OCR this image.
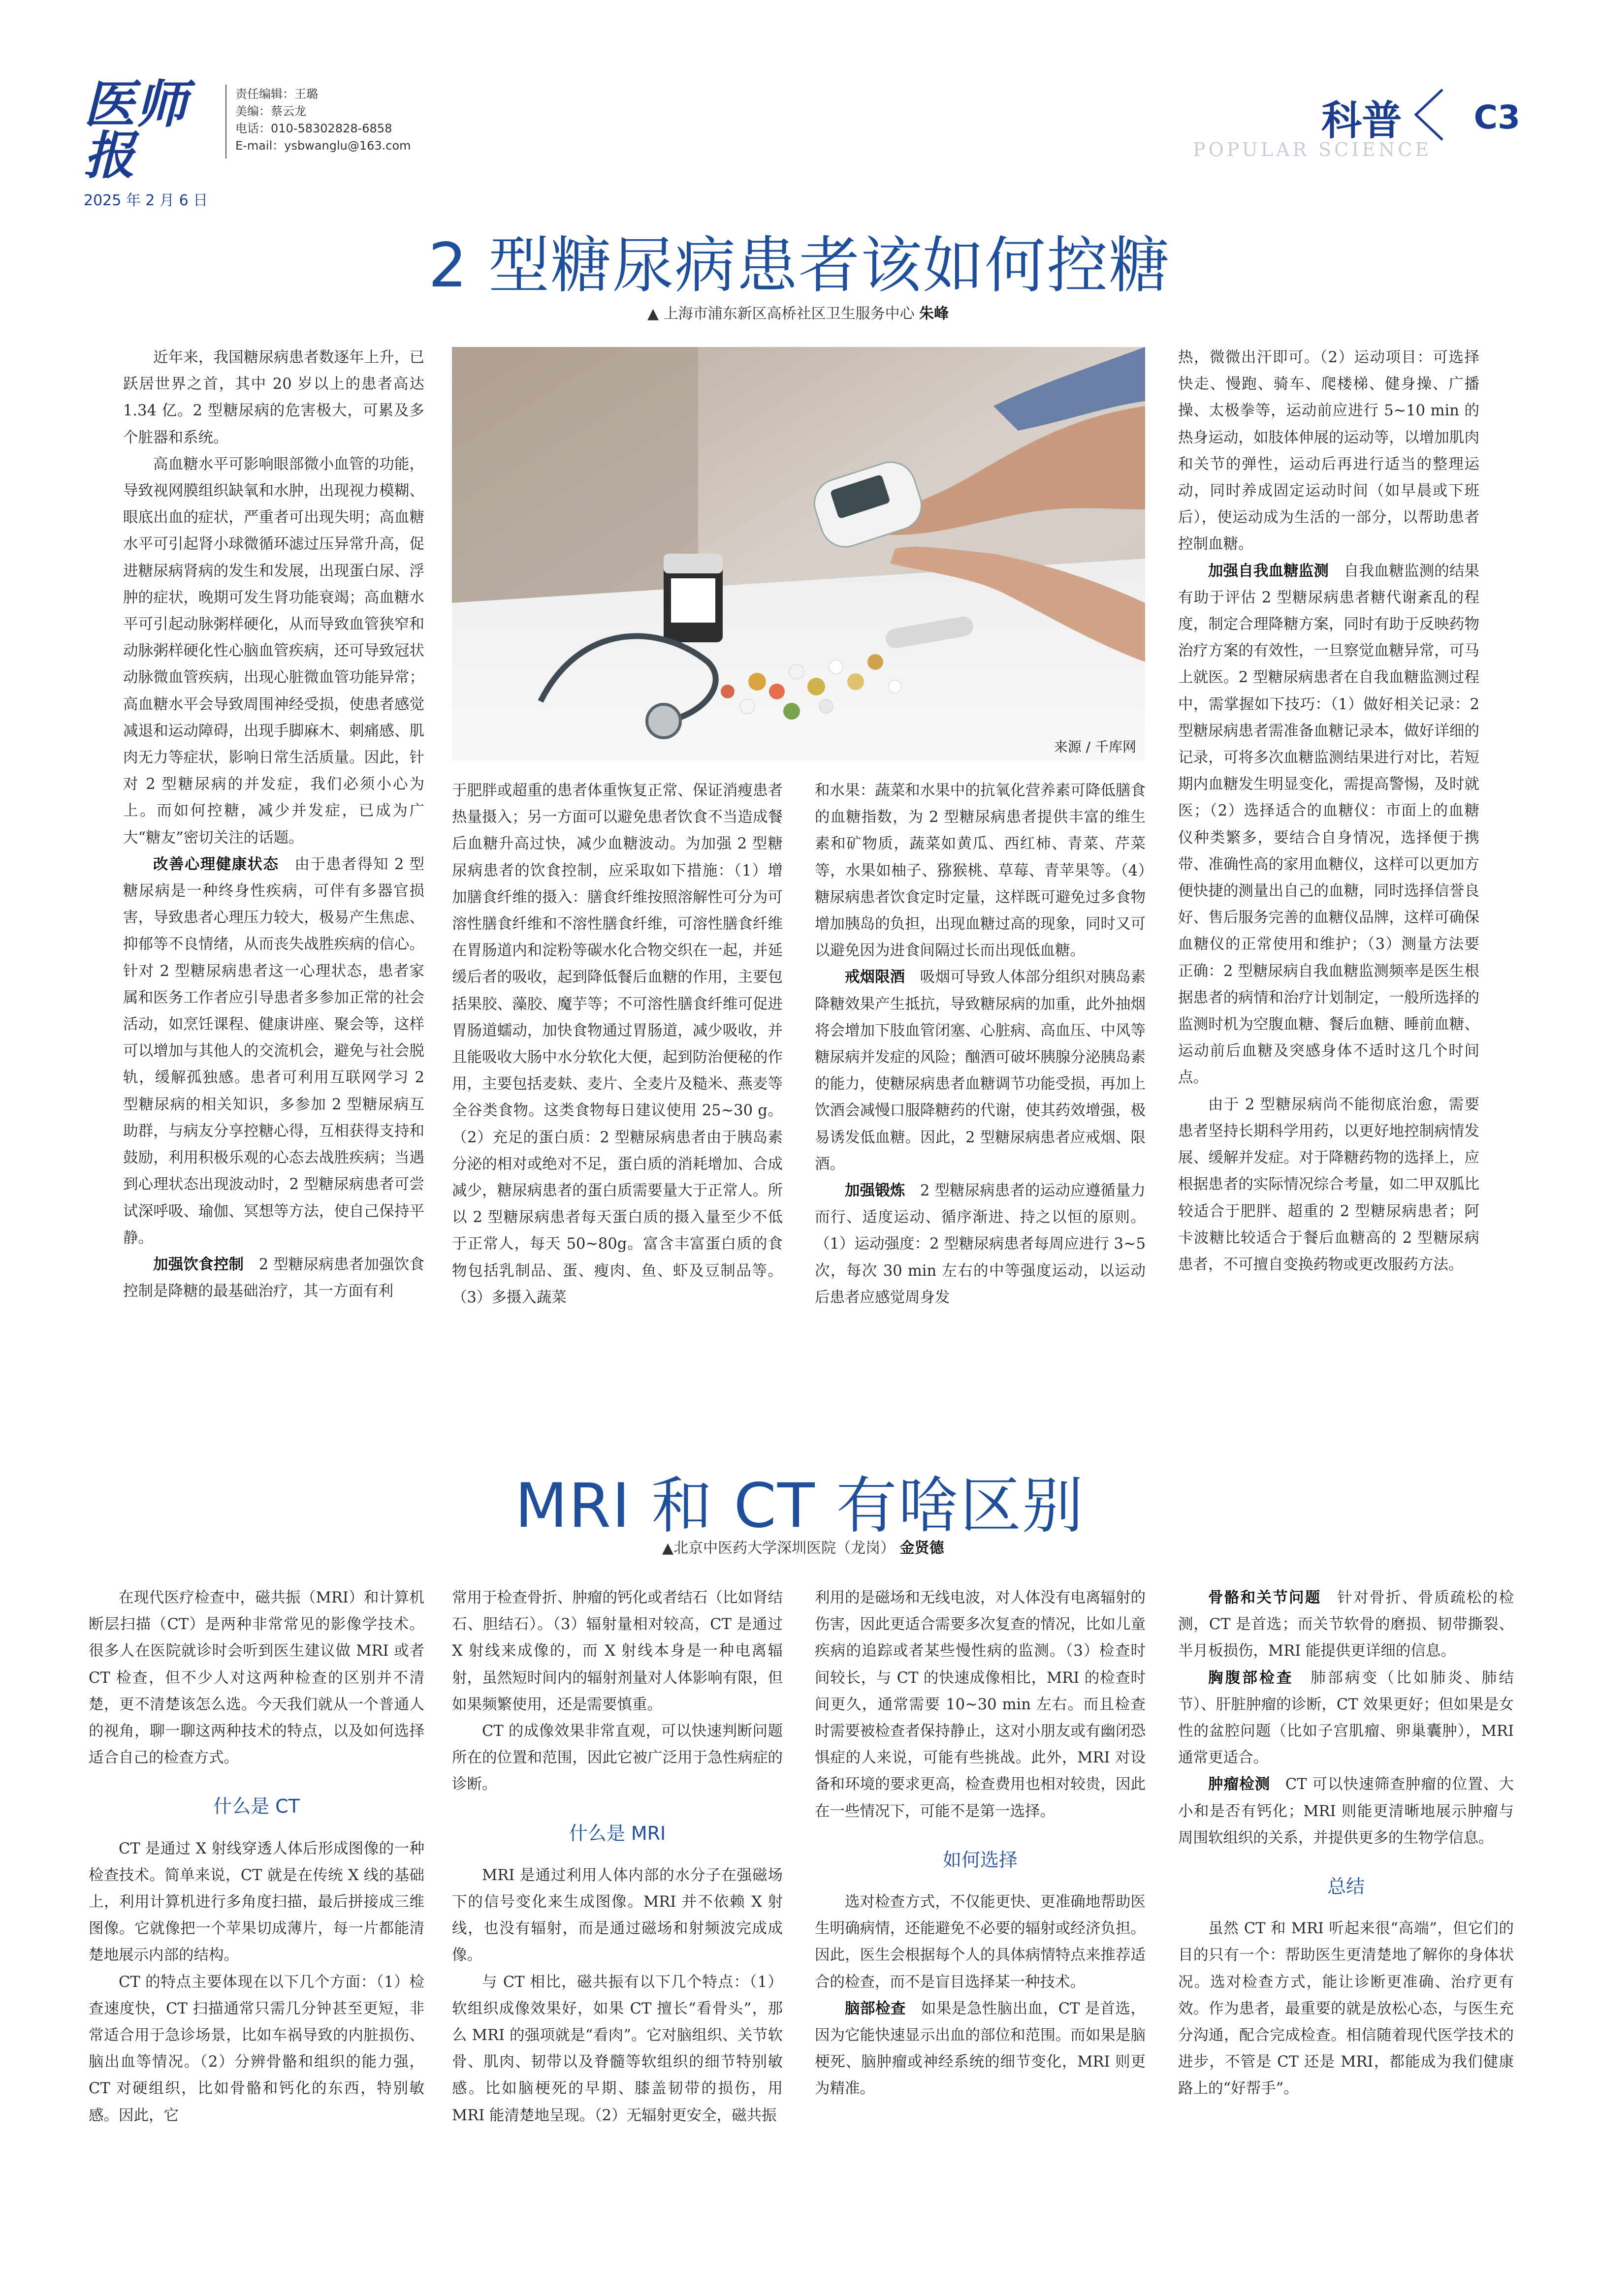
医师报
2025 年 2 月 6 日
责任编辑：王璐
美编：蔡云龙
电话：010-58302828-6858
E-mail：ysbwanglu@163.com
科普
POPULAR SCIENCE
C3
2 型糖尿病患者该如何控糖
▲ 上海市浦东新区高桥社区卫生服务中心 朱峰

近年来，我国糖尿病患者数逐年上升，已跃居世界之首，其中 20 岁以上的患者高达 1.34 亿。2 型糖尿病的危害极大，可累及多个脏器和系统。

高血糖水平可影响眼部微小血管的功能，导致视网膜组织缺氧和水肿，出现视力模糊、眼底出血的症状，严重者可出现失明；高血糖水平可引起肾小球微循环滤过压异常升高，促进糖尿病肾病的发生和发展，出现蛋白尿、浮肿的症状，晚期可发生肾功能衰竭；高血糖水平可引起动脉粥样硬化，从而导致血管狭窄和动脉粥样硬化性心脑血管疾病，还可导致冠状动脉微血管疾病，出现心脏微血管功能异常；高血糖水平会导致周围神经受损，使患者感觉减退和运动障碍，出现手脚麻木、刺痛感、肌肉无力等症状，影响日常生活质量。因此，针对 2 型糖尿病的并发症，我们必须小心为上。而如何控糖，减少并发症，已成为广大“糖友”密切关注的话题。

改善心理健康状态  由于患者得知 2 型糖尿病是一种终身性疾病，可伴有多器官损害，导致患者心理压力较大，极易产生焦虑、抑郁等不良情绪，从而丧失战胜疾病的信心。针对 2 型糖尿病患者这一心理状态，患者家属和医务工作者应引导患者多参加正常的社会活动，如烹饪课程、健康讲座、聚会等，这样可以增加与其他人的交流机会，避免与社会脱轨，缓解孤独感。患者可利用互联网学习 2 型糖尿病的相关知识，多参加 2 型糖尿病互助群，与病友分享控糖心得，互相获得支持和鼓励，利用积极乐观的心态去战胜疾病；当遇到心理状态出现波动时，2 型糖尿病患者可尝试深呼吸、瑜伽、冥想等方法，使自己保持平静。

加强饮食控制  2 型糖尿病患者加强饮食控制是降糖的最基础治疗，其一方面有利

来源 / 千库网

于肥胖或超重的患者体重恢复正常、保证消瘦患者热量摄入；另一方面可以避免患者饮食不当造成餐后血糖升高过快，减少血糖波动。为加强 2 型糖尿病患者的饮食控制，应采取如下措施：（1）增加膳食纤维的摄入：膳食纤维按照溶解性可分为可溶性膳食纤维和不溶性膳食纤维，可溶性膳食纤维在胃肠道内和淀粉等碳水化合物交织在一起，并延缓后者的吸收，起到降低餐后血糖的作用，主要包括果胶、藻胶、魔芋等；不可溶性膳食纤维可促进胃肠道蠕动，加快食物通过胃肠道，减少吸收，并且能吸收大肠中水分软化大便，起到防治便秘的作用，主要包括麦麸、麦片、全麦片及糙米、燕麦等全谷类食物。这类食物每日建议使用 25~30 g。（2）充足的蛋白质：2 型糖尿病患者由于胰岛素分泌的相对或绝对不足，蛋白质的消耗增加、合成减少，糖尿病患者的蛋白质需要量大于正常人。所以 2 型糖尿病患者每天蛋白质的摄入量至少不低于正常人，每天 50~80g。富含丰富蛋白质的食物包括乳制品、蛋、瘦肉、鱼、虾及豆制品等。（3）多摄入蔬菜

和水果：蔬菜和水果中的抗氧化营养素可降低膳食的血糖指数，为 2 型糖尿病患者提供丰富的维生素和矿物质，蔬菜如黄瓜、西红柿、青菜、芹菜等，水果如柚子、猕猴桃、草莓、青苹果等。（4）糖尿病患者饮食定时定量，这样既可避免过多食物增加胰岛的负担，出现血糖过高的现象，同时又可以避免因为进食间隔过长而出现低血糖。

戒烟限酒  吸烟可导致人体部分组织对胰岛素降糖效果产生抵抗，导致糖尿病的加重，此外抽烟将会增加下肢血管闭塞、心脏病、高血压、中风等糖尿病并发症的风险；酗酒可破坏胰腺分泌胰岛素的能力，使糖尿病患者血糖调节功能受损，再加上饮酒会减慢口服降糖药的代谢，使其药效增强，极易诱发低血糖。因此，2 型糖尿病患者应戒烟、限酒。

加强锻炼  2 型糖尿病患者的运动应遵循量力而行、适度运动、循序渐进、持之以恒的原则。（1）运动强度：2 型糖尿病患者每周应进行 3~5 次，每次 30 min 左右的中等强度运动，以运动后患者应感觉周身发

热，微微出汗即可。（2）运动项目：可选择快走、慢跑、骑车、爬楼梯、健身操、广播操、太极拳等，运动前应进行 5~10 min 的热身运动，如肢体伸展的运动等，以增加肌肉和关节的弹性，运动后再进行适当的整理运动，同时养成固定运动时间（如早晨或下班后），使运动成为生活的一部分，以帮助患者控制血糖。

加强自我血糖监测  自我血糖监测的结果有助于评估 2 型糖尿病患者糖代谢紊乱的程度，制定合理降糖方案，同时有助于反映药物治疗方案的有效性，一旦察觉血糖异常，可马上就医。2 型糖尿病患者在自我血糖监测过程中，需掌握如下技巧：（1）做好相关记录：2 型糖尿病患者需准备血糖记录本，做好详细的记录，可将多次血糖监测结果进行对比，若短期内血糖发生明显变化，需提高警惕，及时就医；（2）选择适合的血糖仪：市面上的血糖仪种类繁多，要结合自身情况，选择便于携带、准确性高的家用血糖仪，这样可以更加方便快捷的测量出自己的血糖，同时选择信誉良好、售后服务完善的血糖仪品牌，这样可确保血糖仪的正常使用和维护；（3）测量方法要正确：2 型糖尿病自我血糖监测频率是医生根据患者的病情和治疗计划制定，一般所选择的监测时机为空腹血糖、餐后血糖、睡前血糖、运动前后血糖及突感身体不适时这几个时间点。

由于 2 型糖尿病尚不能彻底治愈，需要患者坚持长期科学用药，以更好地控制病情发展、缓解并发症。对于降糖药物的选择上，应根据患者的实际情况综合考量，如二甲双胍比较适合于肥胖、超重的 2 型糖尿病患者；阿卡波糖比较适合于餐后血糖高的 2 型糖尿病患者，不可擅自变换药物或更改服药方法。

MRI 和 CT 有啥区别
▲北京中医药大学深圳医院（龙岗） 金贤德

在现代医疗检查中，磁共振（MRI）和计算机断层扫描（CT）是两种非常常见的影像学技术。很多人在医院就诊时会听到医生建议做 MRI 或者 CT 检查，但不少人对这两种检查的区别并不清楚，更不清楚该怎么选。今天我们就从一个普通人的视角，聊一聊这两种技术的特点，以及如何选择适合自己的检查方式。

什么是 CT

CT 是通过 X 射线穿透人体后形成图像的一种检查技术。简单来说，CT 就是在传统 X 线的基础上，利用计算机进行多角度扫描，最后拼接成三维图像。它就像把一个苹果切成薄片，每一片都能清楚地展示内部的结构。

CT 的特点主要体现在以下几个方面：（1）检查速度快，CT 扫描通常只需几分钟甚至更短，非常适合用于急诊场景，比如车祸导致的内脏损伤、脑出血等情况。（2）分辨骨骼和组织的能力强，CT 对硬组织，比如骨骼和钙化的东西，特别敏感。因此，它

常用于检查骨折、肿瘤的钙化或者结石（比如肾结石、胆结石）。（3）辐射量相对较高，CT 是通过 X 射线来成像的，而 X 射线本身是一种电离辐射，虽然短时间内的辐射剂量对人体影响有限，但如果频繁使用，还是需要慎重。

CT 的成像效果非常直观，可以快速判断问题所在的位置和范围，因此它被广泛用于急性病症的诊断。

什么是 MRI

MRI 是通过利用人体内部的水分子在强磁场下的信号变化来生成图像。MRI 并不依赖 X 射线，也没有辐射，而是通过磁场和射频波完成成像。

与 CT 相比，磁共振有以下几个特点：（1）软组织成像效果好，如果 CT 擅长“看骨头”，那么 MRI 的强项就是“看肉”。它对脑组织、关节软骨、肌肉、韧带以及脊髓等软组织的细节特别敏感。比如脑梗死的早期、膝盖韧带的损伤，用 MRI 能清楚地呈现。（2）无辐射更安全，磁共振

利用的是磁场和无线电波，对人体没有电离辐射的伤害，因此更适合需要多次复查的情况，比如儿童疾病的追踪或者某些慢性病的监测。（3）检查时间较长，与 CT 的快速成像相比，MRI 的检查时间更久，通常需要 10~30 min 左右。而且检查时需要被检查者保持静止，这对小朋友或有幽闭恐惧症的人来说，可能有些挑战。此外，MRI 对设备和环境的要求更高，检查费用也相对较贵，因此在一些情况下，可能不是第一选择。

如何选择

选对检查方式，不仅能更快、更准确地帮助医生明确病情，还能避免不必要的辐射或经济负担。因此，医生会根据每个人的具体病情特点来推荐适合的检查，而不是盲目选择某一种技术。

脑部检查  如果是急性脑出血，CT 是首选，因为它能快速显示出血的部位和范围。而如果是脑梗死、脑肿瘤或神经系统的细节变化，MRI 则更为精准。

骨骼和关节问题  针对骨折、骨质疏松的检测，CT 是首选；而关节软骨的磨损、韧带撕裂、半月板损伤，MRI 能提供更详细的信息。

胸腹部检查  肺部病变（比如肺炎、肺结节）、肝脏肿瘤的诊断，CT 效果更好；但如果是女性的盆腔问题（比如子宫肌瘤、卵巢囊肿），MRI 通常更适合。

肿瘤检测  CT 可以快速筛查肿瘤的位置、大小和是否有钙化；MRI 则能更清晰地展示肿瘤与周围软组织的关系，并提供更多的生物学信息。

总结

虽然 CT 和 MRI 听起来很“高端”，但它们的目的只有一个：帮助医生更清楚地了解你的身体状况。选对检查方式，能让诊断更准确、治疗更有效。作为患者，最重要的就是放松心态，与医生充分沟通，配合完成检查。相信随着现代医学技术的进步，不管是 CT 还是 MRI，都能成为我们健康路上的“好帮手”。
